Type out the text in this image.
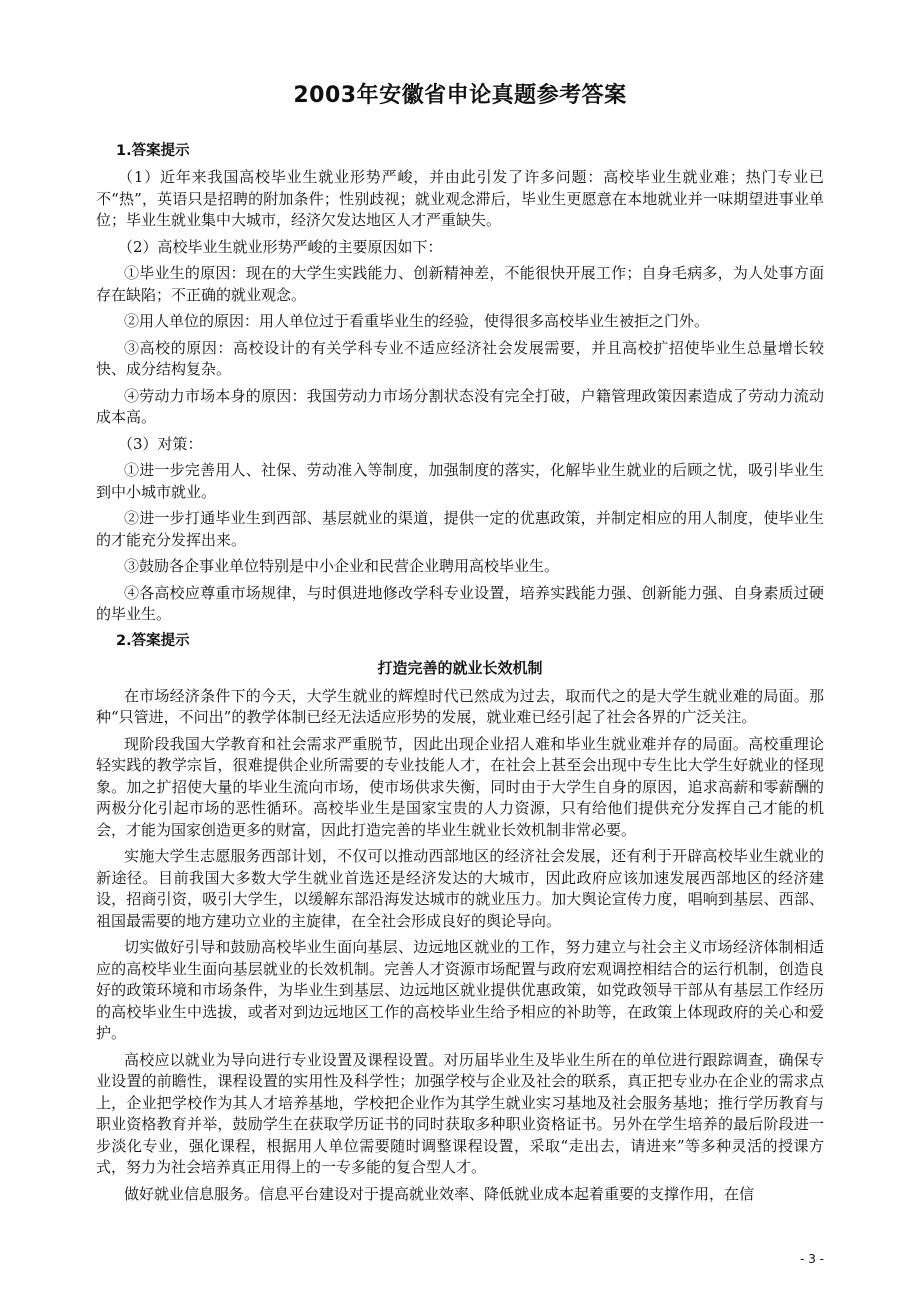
2003年安徽省申论真题参考答案
1.答案提示

（1）近年来我国高校毕业生就业形势严峻，并由此引发了许多问题：高校毕业生就业难；热门专业已不“热”，英语只是招聘的附加条件；性别歧视；就业观念滞后，毕业生更愿意在本地就业并一味期望进事业单位；毕业生就业集中大城市，经济欠发达地区人才严重缺失。

（2）高校毕业生就业形势严峻的主要原因如下：

①毕业生的原因：现在的大学生实践能力、创新精神差，不能很快开展工作；自身毛病多，为人处事方面存在缺陷；不正确的就业观念。

②用人单位的原因：用人单位过于看重毕业生的经验，使得很多高校毕业生被拒之门外。

③高校的原因：高校设计的有关学科专业不适应经济社会发展需要，并且高校扩招使毕业生总量增长较快、成分结构复杂。

④劳动力市场本身的原因：我国劳动力市场分割状态没有完全打破，户籍管理政策因素造成了劳动力流动成本高。

（3）对策：

①进一步完善用人、社保、劳动准入等制度，加强制度的落实，化解毕业生就业的后顾之忧，吸引毕业生到中小城市就业。

②进一步打通毕业生到西部、基层就业的渠道，提供一定的优惠政策，并制定相应的用人制度，使毕业生的才能充分发挥出来。

③鼓励各企事业单位特别是中小企业和民营企业聘用高校毕业生。

④各高校应尊重市场规律，与时俱进地修改学科专业设置，培养实践能力强、创新能力强、自身素质过硬的毕业生。

2.答案提示
打造完善的就业长效机制

在市场经济条件下的今天，大学生就业的辉煌时代已然成为过去，取而代之的是大学生就业难的局面。那种“只管进，不问出”的教学体制已经无法适应形势的发展，就业难已经引起了社会各界的广泛关注。

现阶段我国大学教育和社会需求严重脱节，因此出现企业招人难和毕业生就业难并存的局面。高校重理论轻实践的教学宗旨，很难提供企业所需要的专业技能人才，在社会上甚至会出现中专生比大学生好就业的怪现象。加之扩招使大量的毕业生流向市场，使市场供求失衡，同时由于大学生自身的原因，追求高薪和零薪酬的两极分化引起市场的恶性循环。高校毕业生是国家宝贵的人力资源，只有给他们提供充分发挥自己才能的机会，才能为国家创造更多的财富，因此打造完善的毕业生就业长效机制非常必要。

实施大学生志愿服务西部计划，不仅可以推动西部地区的经济社会发展，还有利于开辟高校毕业生就业的新途径。目前我国大多数大学生就业首选还是经济发达的大城市，因此政府应该加速发展西部地区的经济建设，招商引资，吸引大学生，以缓解东部沿海发达城市的就业压力。加大舆论宣传力度，唱响到基层、西部、祖国最需要的地方建功立业的主旋律，在全社会形成良好的舆论导向。

切实做好引导和鼓励高校毕业生面向基层、边远地区就业的工作，努力建立与社会主义市场经济体制相适应的高校毕业生面向基层就业的长效机制。完善人才资源市场配置与政府宏观调控相结合的运行机制，创造良好的政策环境和市场条件，为毕业生到基层、边远地区就业提供优惠政策，如党政领导干部从有基层工作经历的高校毕业生中选拔，或者对到边远地区工作的高校毕业生给予相应的补助等，在政策上体现政府的关心和爱护。

高校应以就业为导向进行专业设置及课程设置。对历届毕业生及毕业生所在的单位进行跟踪调查，确保专业设置的前瞻性，课程设置的实用性及科学性；加强学校与企业及社会的联系，真正把专业办在企业的需求点上，企业把学校作为其人才培养基地，学校把企业作为其学生就业实习基地及社会服务基地；推行学历教育与职业资格教育并举，鼓励学生在获取学历证书的同时获取多种职业资格证书。另外在学生培养的最后阶段进一步淡化专业，强化课程，根据用人单位需要随时调整课程设置，采取“走出去，请进来”等多种灵活的授课方式，努力为社会培养真正用得上的一专多能的复合型人才。

做好就业信息服务。信息平台建设对于提高就业效率、降低就业成本起着重要的支撑作用，在信

- 3 -
